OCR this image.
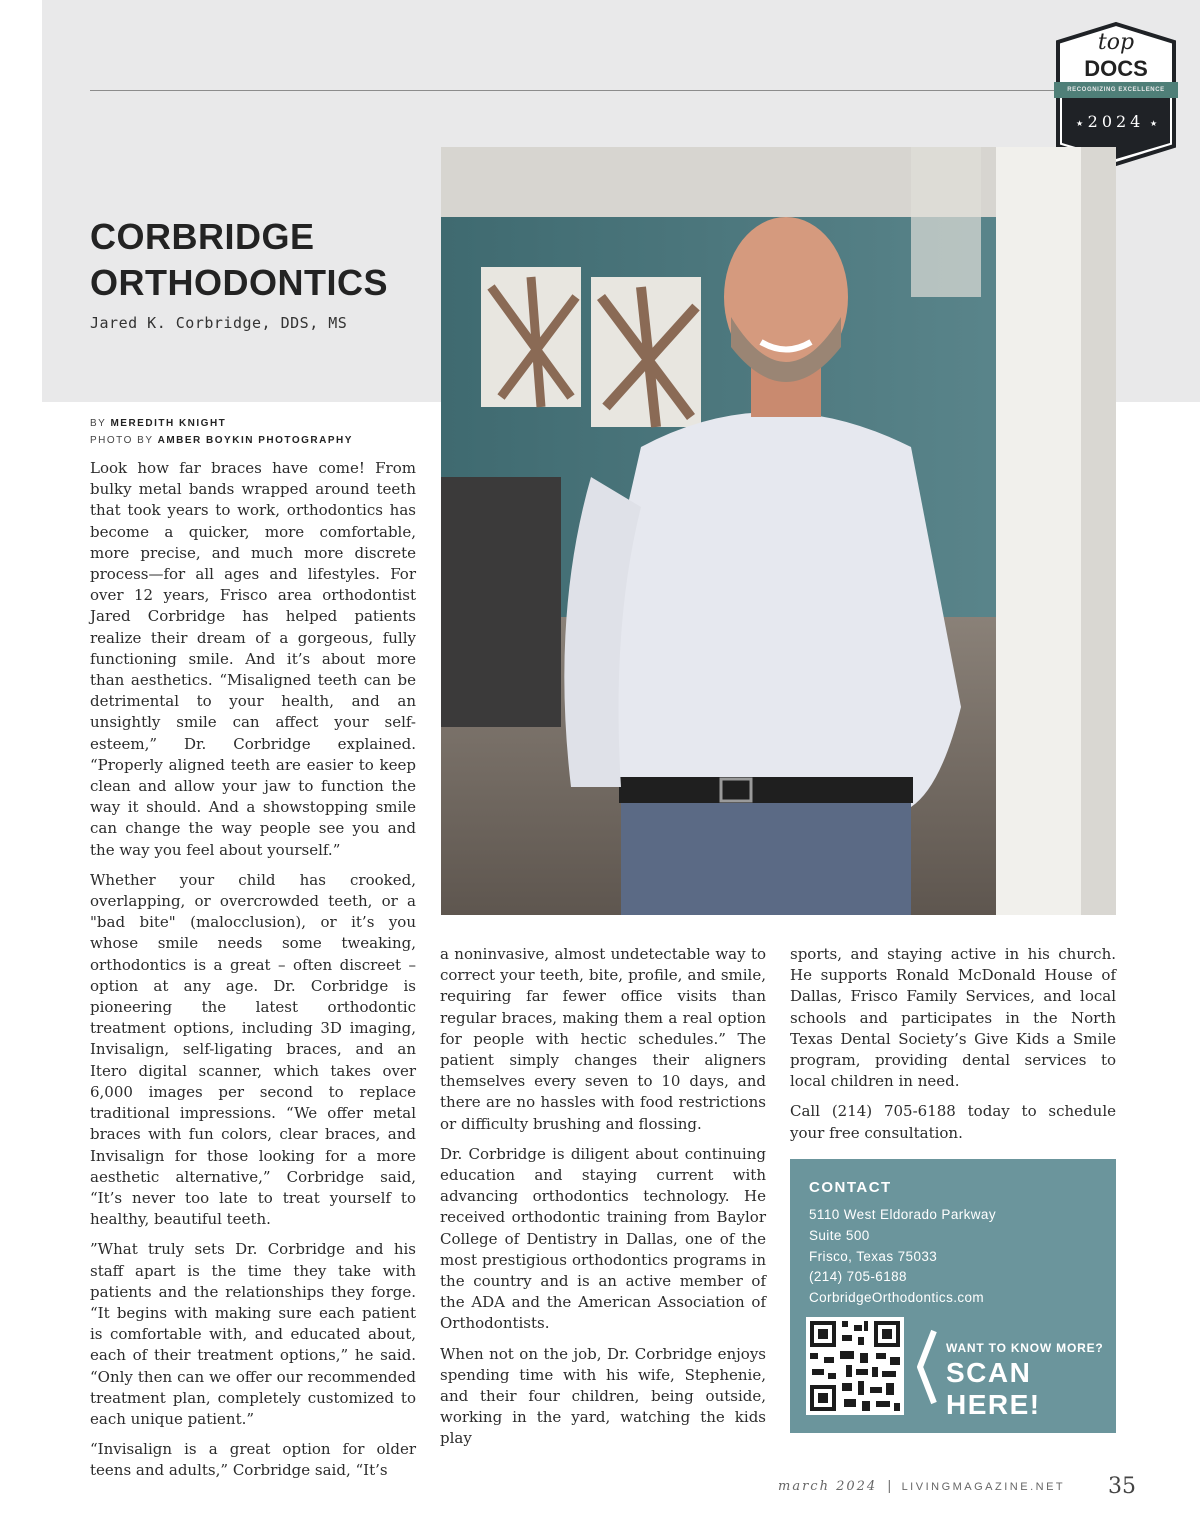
★	★
top
DOCS
RECOGNIZING EXCELLENCE
2024
CORBRIDGE
ORTHODONTICS
Jared K. Corbridge, DDS, MS
BY MEREDITH KNIGHT
PHOTO BY AMBER BOYKIN PHOTOGRAPHY

Look how far braces have come! From bulky metal bands wrapped around teeth that took years to work, orthodontics has become a quicker, more comfortable, more precise, and much more discrete process—for all ages and lifestyles. For over 12 years, Frisco area orthodontist Jared Corbridge has helped patients realize their dream of a gorgeous, fully functioning smile. And it’s about more than aesthetics. “Misaligned teeth can be detrimental to your health, and an unsightly smile can affect your self-esteem,” Dr. Corbridge explained. “Properly aligned teeth are easier to keep clean and allow your jaw to function the way it should. And a showstopping smile can change the way people see you and the way you feel about yourself.”

Whether your child has crooked, overlapping, or overcrowded teeth, or a "bad bite" (malocclusion), or it’s you whose smile needs some tweaking, orthodontics is a great – often discreet – option at any age. Dr. Corbridge is pioneering the latest orthodontic treatment options, including 3D imaging, Invisalign, self-ligating braces, and an Itero digital scanner, which takes over 6,000 images per second to replace traditional impressions. “We offer metal braces with fun colors, clear braces, and Invisalign for those looking for a more aesthetic alternative,” Corbridge said, “It’s never too late to treat yourself to healthy, beautiful teeth.

”What truly sets Dr. Corbridge and his staff apart is the time they take with patients and the relationships they forge. “It begins with making sure each patient is comfortable with, and educated about, each of their treatment options,” he said. “Only then can we offer our recommended treatment plan, completely customized to each unique patient.”

“Invisalign is a great option for older teens and adults,” Corbridge said, “It’s

a noninvasive, almost undetectable way to correct your teeth, bite, profile, and smile, requiring far fewer office visits than regular braces, making them a real option for people with hectic schedules.” The patient simply changes their aligners themselves every seven to 10 days, and there are no hassles with food restrictions or difficulty brushing and flossing.

Dr. Corbridge is diligent about continuing education and staying current with advancing orthodontics technology. He received orthodontic training from Baylor College of Dentistry in Dallas, one of the most prestigious orthodontics programs in the country and is an active member of the ADA and the American Association of Orthodontists.

When not on the job, Dr. Corbridge enjoys spending time with his wife, Stephenie, and their four children, being outside, working in the yard, watching the kids play

sports, and staying active in his church. He supports Ronald McDonald House of Dallas, Frisco Family Services, and local schools and participates in the North Texas Dental Society’s Give Kids a Smile program, providing dental services to local children in need.

Call (214) 705-6188 today to schedule your free consultation.

CONTACT
5110 West Eldorado Parkway
Suite 500
Frisco, Texas 75033
(214) 705-6188
CorbridgeOrthodontics.com
WANT TO KNOW MORE?
SCAN HERE!
march 2024 | LIVINGMAGAZINE.NET 35
